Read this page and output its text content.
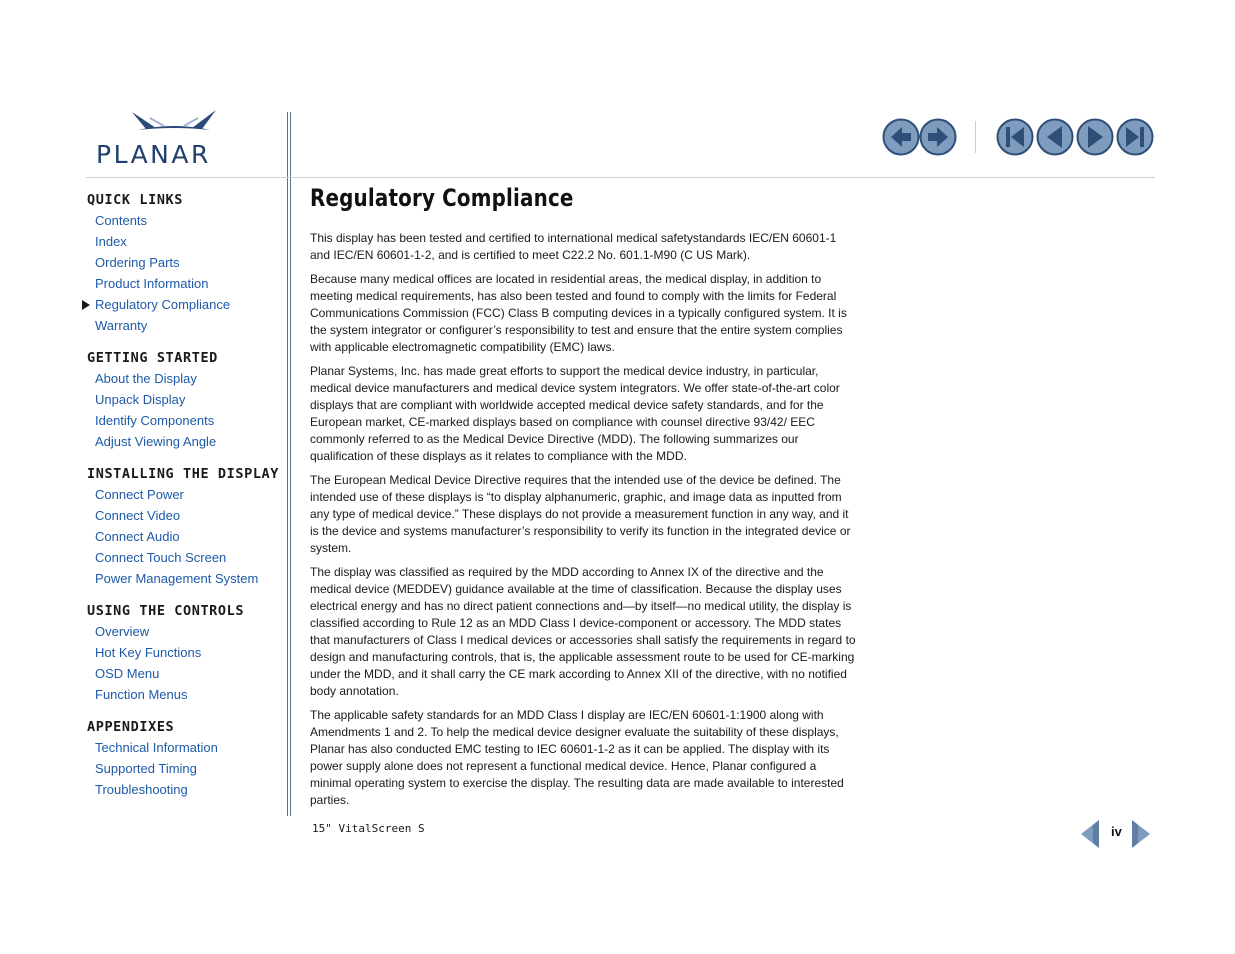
PLANAR
QUICK LINKS
Contents
Index
Ordering Parts
Product Information
Regulatory Compliance
Warranty
GETTING STARTED
About the Display
Unpack Display
Identify Components
Adjust Viewing Angle
INSTALLING THE DISPLAY
Connect Power
Connect Video
Connect Audio
Connect Touch Screen
Power Management System
USING THE CONTROLS
Overview
Hot Key Functions
OSD Menu
Function Menus
APPENDIXES
Technical Information
Supported Timing
Troubleshooting
Regulatory Compliance

This display has been tested and certified to international medical safetystandards IEC/EN 60601-1 and IEC/EN 60601-1-2, and is certified to meet C22.2 No. 601.1-M90 (C US Mark).

Because many medical offices are located in residential areas, the medical display, in addition to meeting medical requirements, has also been tested and found to comply with the limits for Federal Communications Commission (FCC) Class B computing devices in a typically configured system. It is the system integrator or configurer’s responsibility to test and ensure that the entire system complies with applicable electromagnetic compatibility (EMC) laws.

Planar Systems, Inc. has made great efforts to support the medical device industry, in particular, medical device manufacturers and medical device system integrators. We offer state-of-the-art color displays that are compliant with worldwide accepted medical device safety standards, and for the European market, CE-marked displays based on compliance with counsel directive 93/42/ EEC commonly referred to as the Medical Device Directive (MDD). The following summarizes our qualification of these displays as it relates to compliance with the MDD.

The European Medical Device Directive requires that the intended use of the device be defined. The intended use of these displays is “to display alphanumeric, graphic, and image data as inputted from any type of medical device.” These displays do not provide a measurement function in any way, and it is the device and systems manufacturer’s responsibility to verify its function in the integrated device or system.

The display was classified as required by the MDD according to Annex IX of the directive and the medical device (MEDDEV) guidance available at the time of classification. Because the display uses electrical energy and has no direct patient connections and—by itself—no medical utility, the display is classified according to Rule 12 as an MDD Class I device-component or accessory. The MDD states that manufacturers of Class I medical devices or accessories shall satisfy the requirements in regard to design and manufacturing controls, that is, the applicable assessment route to be used for CE-marking under the MDD, and it shall carry the CE mark according to Annex XII of the directive, with no notified body annotation.

The applicable safety standards for an MDD Class I display are IEC/EN 60601-1:1900 along with Amendments 1 and 2. To help the medical device designer evaluate the suitability of these displays, Planar has also conducted EMC testing to IEC 60601-1-2 as it can be applied. The display with its power supply alone does not represent a functional medical device. Hence, Planar configured a minimal operating system to exercise the display. The resulting data are made available to interested parties.

15" VitalScreen S	iv
